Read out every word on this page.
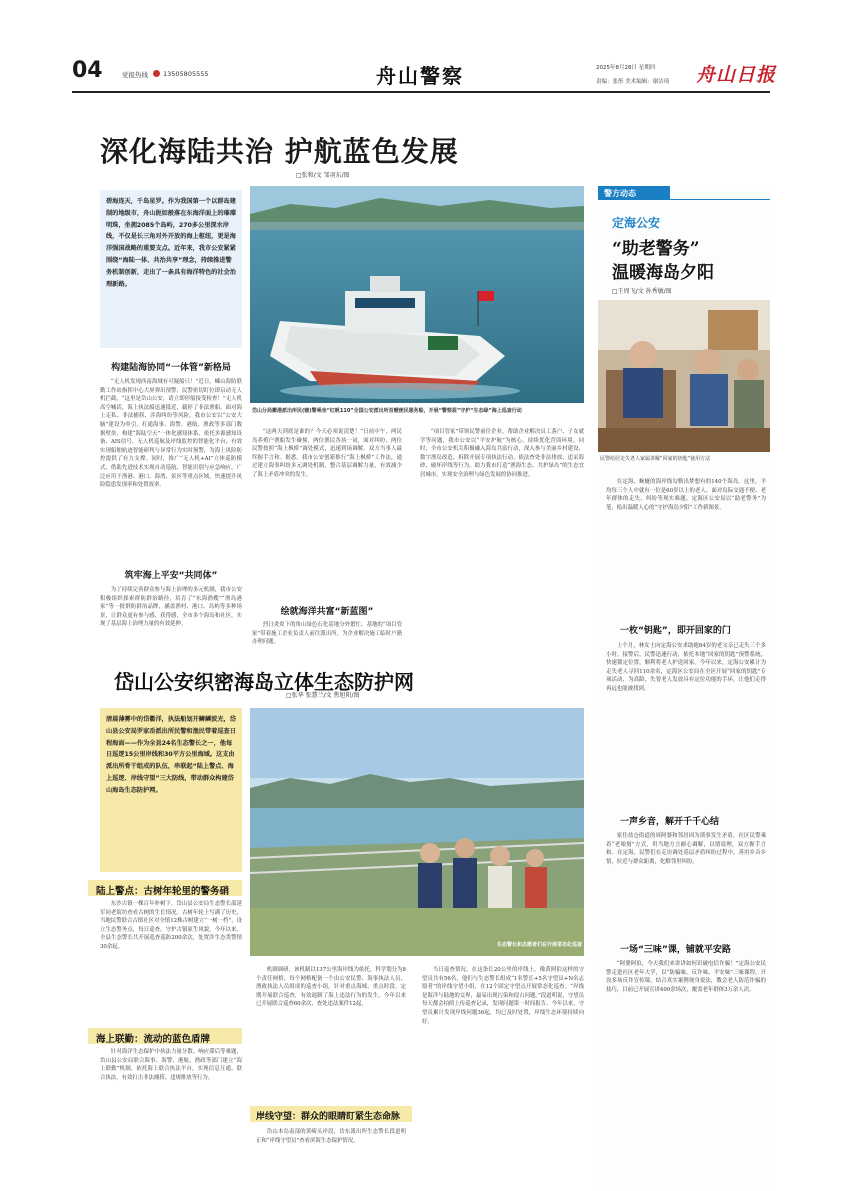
04	党报热线 13505805555	舟山警察	2025年8月28日 星期四
责编：张彤 美术编辑：谢洁琦 舟山日报
深化海陆共治 护航蓝色发展
□张和/文 邹羽东/图

碧海连天，千岛星罗。作为我国第一个以群岛建制的地级市，舟山扼如般落在东海洋面上的璀璨明珠，坐拥2085个岛屿，270多公里深水岸线，不仅是长三角对外开放的海上枢纽，更是海洋强国战略的重要支点。近年来，我市公安紧紧围绕“海陆一体、共治共享”理念，持续推进警务机制创新，走出了一条具有海洋特色的社会治理新路。

岱山分局衢港派出所民(辅)警乘坐“红帆110”全国公安派出所首艘便民服务船，开展“警察蓝”守护“生态绿”海上巡查行动
构建陆海协同“一体管”新格局
“无人机发现西南海域有可疑船只！”近日，嵊山海防联勤工作站指挥中心大屏弹出预警，民警密切盯位即启动无人机拦截。“这里是岱山公安，请立即停船接受检查！”无人机高空喊话，海上执法船迅速抵近，截停了非法渔船。面对海上走私、非法捕捞、涉海纠纷等风险，我市公安以“公安大脑”建设为牵引，打通海事、海警、港航、渔政等多部门数据壁垒，构建“海陆空天”一体化感知体系。依托多源感知设备、AIS信号、无人机巡航及岸线监控的智能化平台，有效实现船舶轨迹智能研判与异常行为实时预警，为海上风险防控提供了有力支撑。同时，推广“无人机+AI”立体巡防模式，借助先进技术实现自动巡航、智能识别与应急响应，广泛应用于渔港、港口、海湾、景区等重点区域，快速提升风险隐患发现率和处置效率。
筑牢海上平安“共同体”
为了持续完善群众参与海上治理的多元机制，我市公安积极组织探索群防群治路径，培育了“东海渔嫂”“渔岛港家”等一批群防群治品牌，涵盖渔村、港口、岛屿等多种场景，让群众更有参与感、获得感，全市多个海岛和社区，实现了基层海上治理力量的有效延伸。
“这两天到底是谁的？今天必须说清楚！”日前中午，两民岛养殖户渔船发生碰撞，两位渔民各执一词，面对纠纷，两位民警按照“海上枫桥”调处模式，迅速到场调解，双方当事人最终握手言和。据悉，我市公安创新推行“海上枫桥”工作法，通过建立海事纠纷多元调处机制，整合基层调解力量，有效减少了海上矛盾冲突的发生。
绘就海洋共富“新蓝图”
烈日炎炎下的角山绿色石化基地分外繁忙。基地的“项目管家”带着施工企业负责人前往派出所，为企业解决施工临时户籍办理问题。
“项目管家”带领民警前往企业，帮助企业解决员工落户、子女就学等问题，我市公安以“平安护航”为核心，持续优化营商环境。同时，全市公安机关积极融入海岛共富行动，深入参与美丽乡村建设、数字渔岛改造、拆除开展专项执法行动、依法查处非法排放、违采海砂、破坏岸线等行为，助力我市打造“渔海生态、共护绿岛”的生态宜居城市，实现安全治理与绿色发展的协同推进。
警方动态
定海公安
“助老警务”
温暖海岛夕阳
□王周飞/文 孙秀敏/图
民警给居走失老人家属讲解“回家的钥匙”使用方法
在定海，蜿蜒的海岸线勾勒出梦想有的140个海岛。这里，平均每三个人中就有一位是60岁以上的老人。面对岛际交通不便、老年群体的走失、纠纷等现实难题，定海区公安局以“助老警务”为笔，绘出温暖人心的“守护海岛夕阳”工作新图景。
一枚“钥匙”，即开回家的门
上个月，林女士向定海公安求助她84岁的老父亲已走失三个多小时。接警后，民警迅速行动，依托本地“回家的钥匙”预警系统，快速锁定位置，顺利将老人护送回家。今年以来，定海公安累计为走失老人寻回110余名，定海区公安局在全区开展“回家的钥匙”专项活动，为高龄、失智老人发放具有定位功能的手环，让他们走得再远也能被找到。
一声乡音，解开千千心结
家住盐仓街道的周阿婆和邻居因为琐事发生矛盾，社区民警乘着“老娘舅”方式，用当地方言耐心调解，以情说理，双方握手言和。在定海，民警们在走访调处基层矛盾纠纷过程中，善用乡音乡情，拉近与群众距离，化解邻里纠纷。
一场“三味”课，铺就平安路
“阿婆阿伯，今天我们来讲讲如何识破电信诈骗！”定海公安民警走进社区老年大学，以“防骗味、反诈味、平安味”三味课程，开设多场反诈宣传课，结合真实案例现身说法，教会老人防范诈骗的技巧，目前已开展宣讲400余场次，覆盖老年群体3万余人次。
岱山公安织密海岛立体生态防护网
□张华 张慧兰/文 焦旭阳/图

清晨薄雾中的岱衢洋，执法船划开鳞鳞波光，岱山县公安局罗家岙派出所民警和渔民带着巡查日程海面——作为全县24名生态警长之一，他每日巡逻15公里岸线和30平方公里海域。这支由派出所骨干组成的队伍，串联起“陆上警点、海上巡逻、岸线守望”三大防线，带动群众构建岱山海岛生态防护网。

生态警长和志愿者们在开展常态化巡查
陆上警点：古树年轮里的警务硝
东沙古镇一棵百年朴树下，岱山县公安局生态警长邵延军同老街坊查看古树的生长情况。古树年轮上写满了历史，当地民警联合古镇社区对全镇12株古树建立“一树一档”，设立生态警务点，每日巡查，守护古镇原生风貌。今年以来，全县生态警长共开展巡查巡防200余次，处置涉生态类警情30余起。
海上联勤：流动的蓝色盾牌
针对海洋生态保护中执法力量分散、响应滞后等难题，岱山县公安局联合海事、海警、港航、渔政等部门建立“海上联勤”机制，依托海上联合执法平台，实现信息互通、联合执法，有效打击非法捕捞、违规排放等行为。
机制调研，该机制以137公里海岸线为依托，科学划分为8个责任网格，每个网格配备一个由公安民警、海事执法人员、渔政执法人员组成的巡查小组。针对重点海域、重点时段，定期开展联合巡查，有效遏制了海上违法行为的发生，今年以来已开展联合巡查60余次，查处违法案件12起。
岸线守望：群众的眼睛盯紧生态命脉
岱山本岛南部的黄崎头岸段，岱东派出所生态警长段道明正和“岸线守望员”查看滨海生态保护情况。
当日巡查情况。在这条长20公里的岸线上，像黄阿伯这样的守望员共有56名，他们与生态警长组成“1名警长+5名守望员+N名志愿者”的岸线守望小组，在12个固定守望点开展常态化巡查。“岸线是海洋与陆地的交界，最易出现污染和侵占问题。”段道明说，守望员每天都会拍照上传巡查记录，发现问题第一时间报告。今年以来，守望员累计发现岸线问题36起，均已及时处置，岸线生态环境持续向好。
